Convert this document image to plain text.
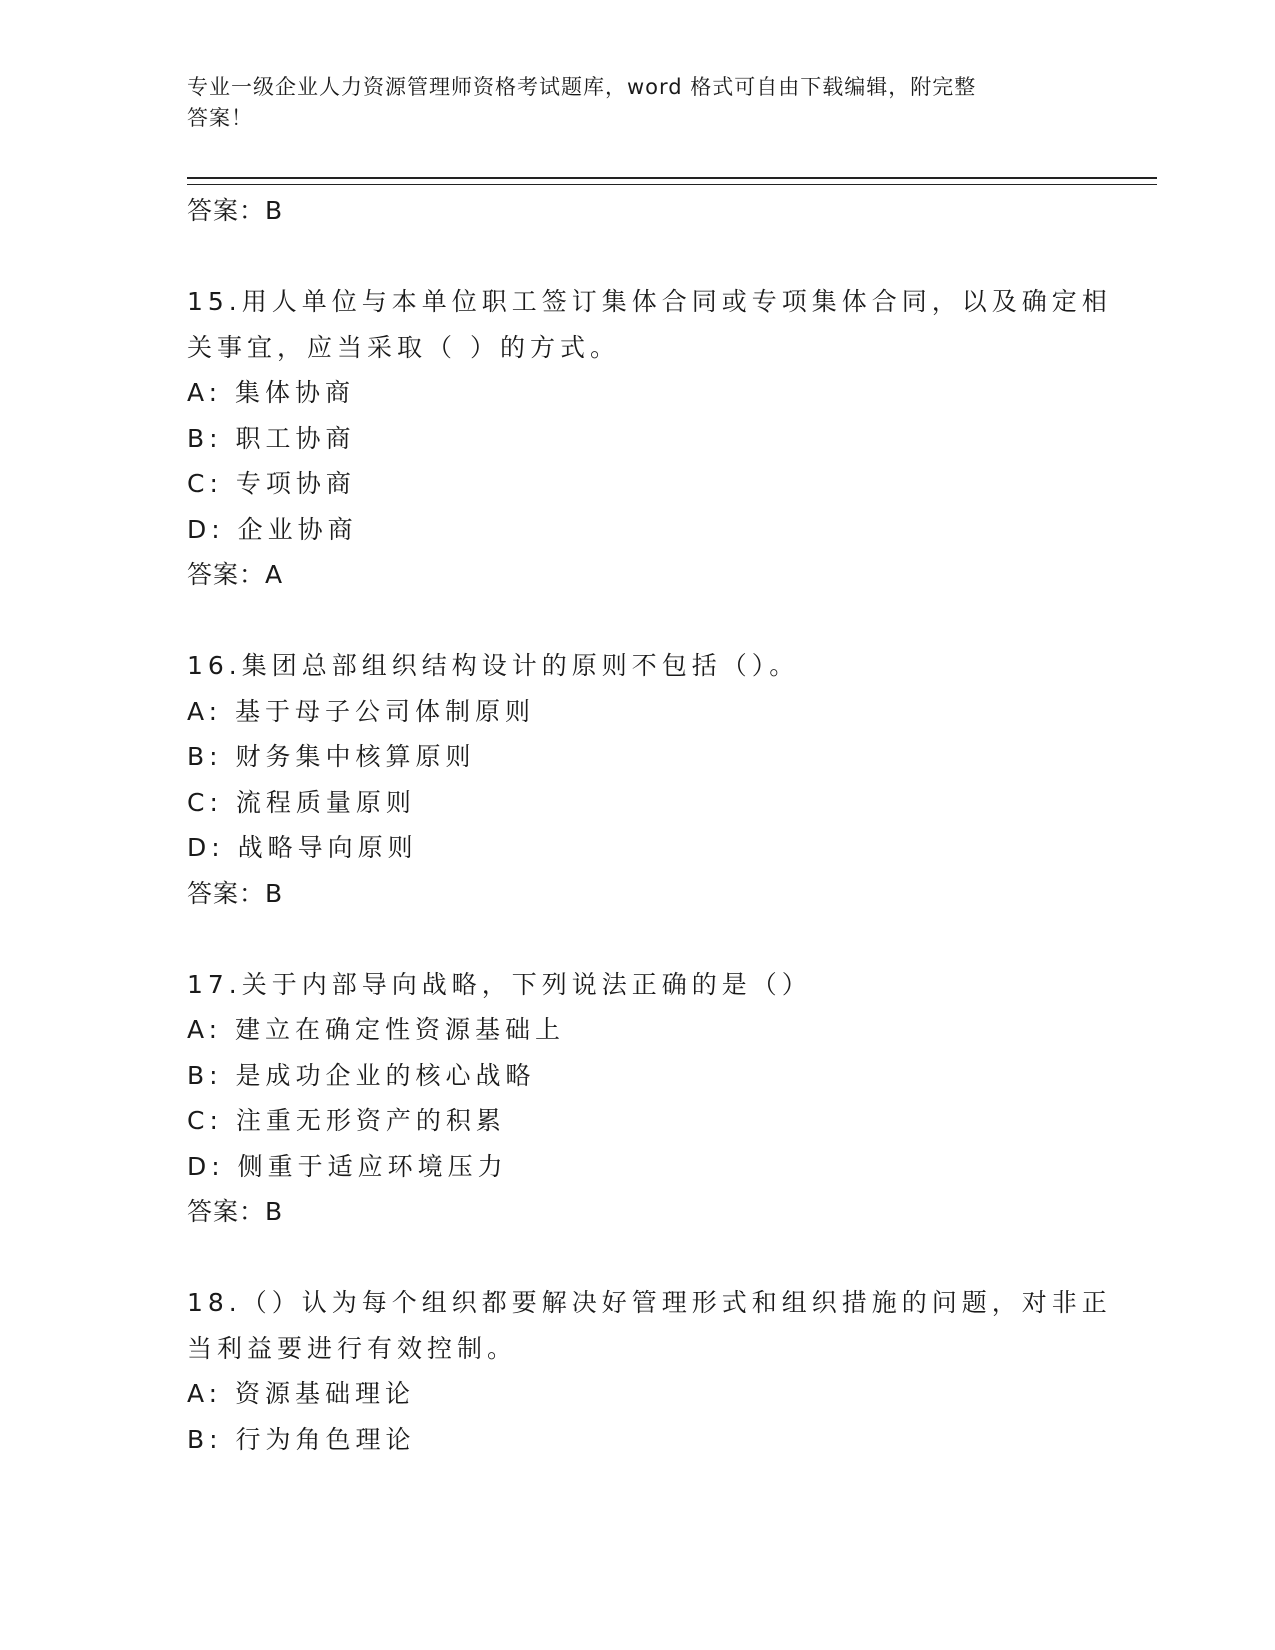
专业一级企业人力资源管理师资格考试题库，word 格式可自由下载编辑，附完整
答案！
答案：B
15.用人单位与本单位职工签订集体合同或专项集体合同，以及确定相
关事宜，应当采取（ ）的方式。
A: 集体协商
B: 职工协商
C: 专项协商
D: 企业协商
答案：A
16.集团总部组织结构设计的原则不包括（）。
A: 基于母子公司体制原则
B: 财务集中核算原则
C: 流程质量原则
D: 战略导向原则
答案：B
17.关于内部导向战略，下列说法正确的是（）
A: 建立在确定性资源基础上
B: 是成功企业的核心战略
C: 注重无形资产的积累
D: 侧重于适应环境压力
答案：B
18.（）认为每个组织都要解决好管理形式和组织措施的问题，对非正
当利益要进行有效控制。
A: 资源基础理论
B: 行为角色理论
